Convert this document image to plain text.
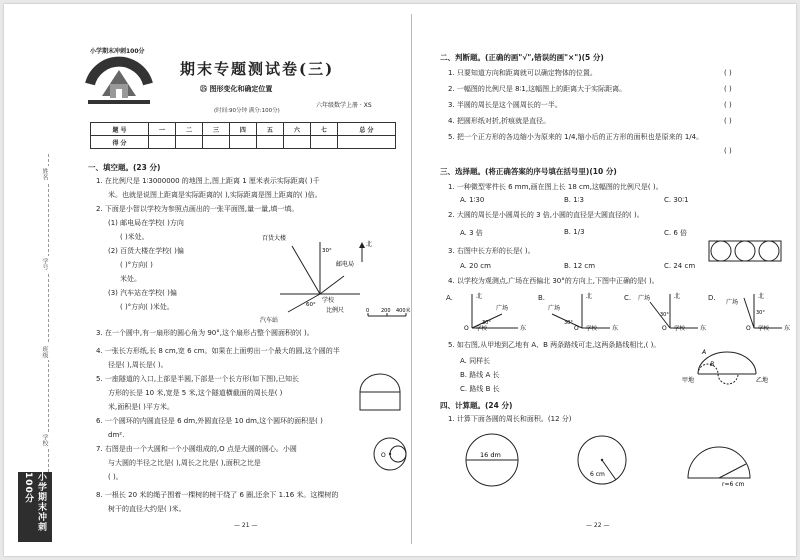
姓名
学号
班级
学校
小学期末冲刺100分
小学期末冲刺100分
期末专题测试卷(三)
㉕ 图形变化和确定位置
六年级数学上册 · XS
(时间:90分钟 满分:100分)
题 号	一	二	三	四	五	六	七	总 分
得 分								
一、填空题。(23 分)
1. 在比例尺是 1∶3000000 的地图上,图上距离 1 厘米表示实际距离( )千
米。也就是说图上距离是实际距离的( ),实际距离是图上距离的( )倍。
2. 下面是小智以学校为参照点画出的一张平面图,量一量,填一填。
(1) 邮电局在学校( )方向
( )米处。
(2) 百货大楼在学校( )偏
( )°方向( )
米处。
(3) 汽车站在学校( )偏
( )°方向( )米处。
百货大楼
北
邮电局
30°
60°
学校
比例尺
汽车站
0 200 400米
3. 在一个圆中,有一扇形的圆心角为 90°,这个扇形占整个圆面积的( )。
4. 一张长方形纸,长 8 cm,宽 6 cm。如果在上面剪出一个最大的圆,这个圆的半
径是( ),周长是( )。
5. 一座隧道的入口,上部是半圆,下部是一个长方形(如下图),已知长
方形的长是 10 米,宽是 5 米,这个隧道横截面的周长是( )
米,面积是( )平方米。
6. 一个圆环的内圆直径是 6 dm,外圆直径是 10 dm,这个圆环的面积是( )
dm².
7. 右图是由一个大圆和一个小圆组成的,O 点是大圆的圆心。小圆
与大圆的半径之比是( ),周长之比是( ),面积之比是
( )。
O
8. 一根长 20 米的绳子围着一棵树的树干绕了 6 圈,还余下 1.16 米。这棵树的
树干的直径大约是( )米。
— 21 —
二、判断题。(正确的画"√",错误的画"×")(5 分)
1. 只要知道方向和距离就可以确定物体的位置。	( )
2. 一幅图的比例尺是 8∶1,这幅图上的距离大于实际距离。	( )
3. 半圆的周长是这个圆周长的一半。	( )
4. 把圆形纸对折,折痕就是直径。	( )
5. 把一个正方形的各边缩小为原来的 1/4,缩小后的正方形的面积也是原来的 1/4。
( )
三、选择题。(将正确答案的序号填在括号里)(10 分)
1. 一种微型零件长 6 mm,画在图上长 18 cm,这幅图的比例尺是( )。
A. 1∶30	B. 1∶3	C. 30∶1
2. 大圆的周长是小圆周长的 3 倍,小圆的直径是大圆直径的( )。
A. 3 倍	B. 1/3	C. 6 倍
3. 右图中长方形的长是( )。
A. 20 cm	B. 12 cm	C. 24 cm
4. 以学校为观测点,广场在西偏北 30°的方向上,下图中正确的是( )。
A.	北
东
广场
30°
O 学校
B.	北
东
广场
30°
O 学校
C.	北
东
广场
30°
O 学校
D.	北
东
广场
30°
O 学校
5. 如右图,从甲地到乙地有 A、B 两条路线可走,这两条路线相比,( )。
A. 同样长
B. 路线 A 长
C. 路线 B 长
A
B
甲地	乙地
四、计算题。(24 分)
1. 计算下面各圆的周长和面积。(12 分)
16 dm
6 cm
r=6 cm
— 22 —
